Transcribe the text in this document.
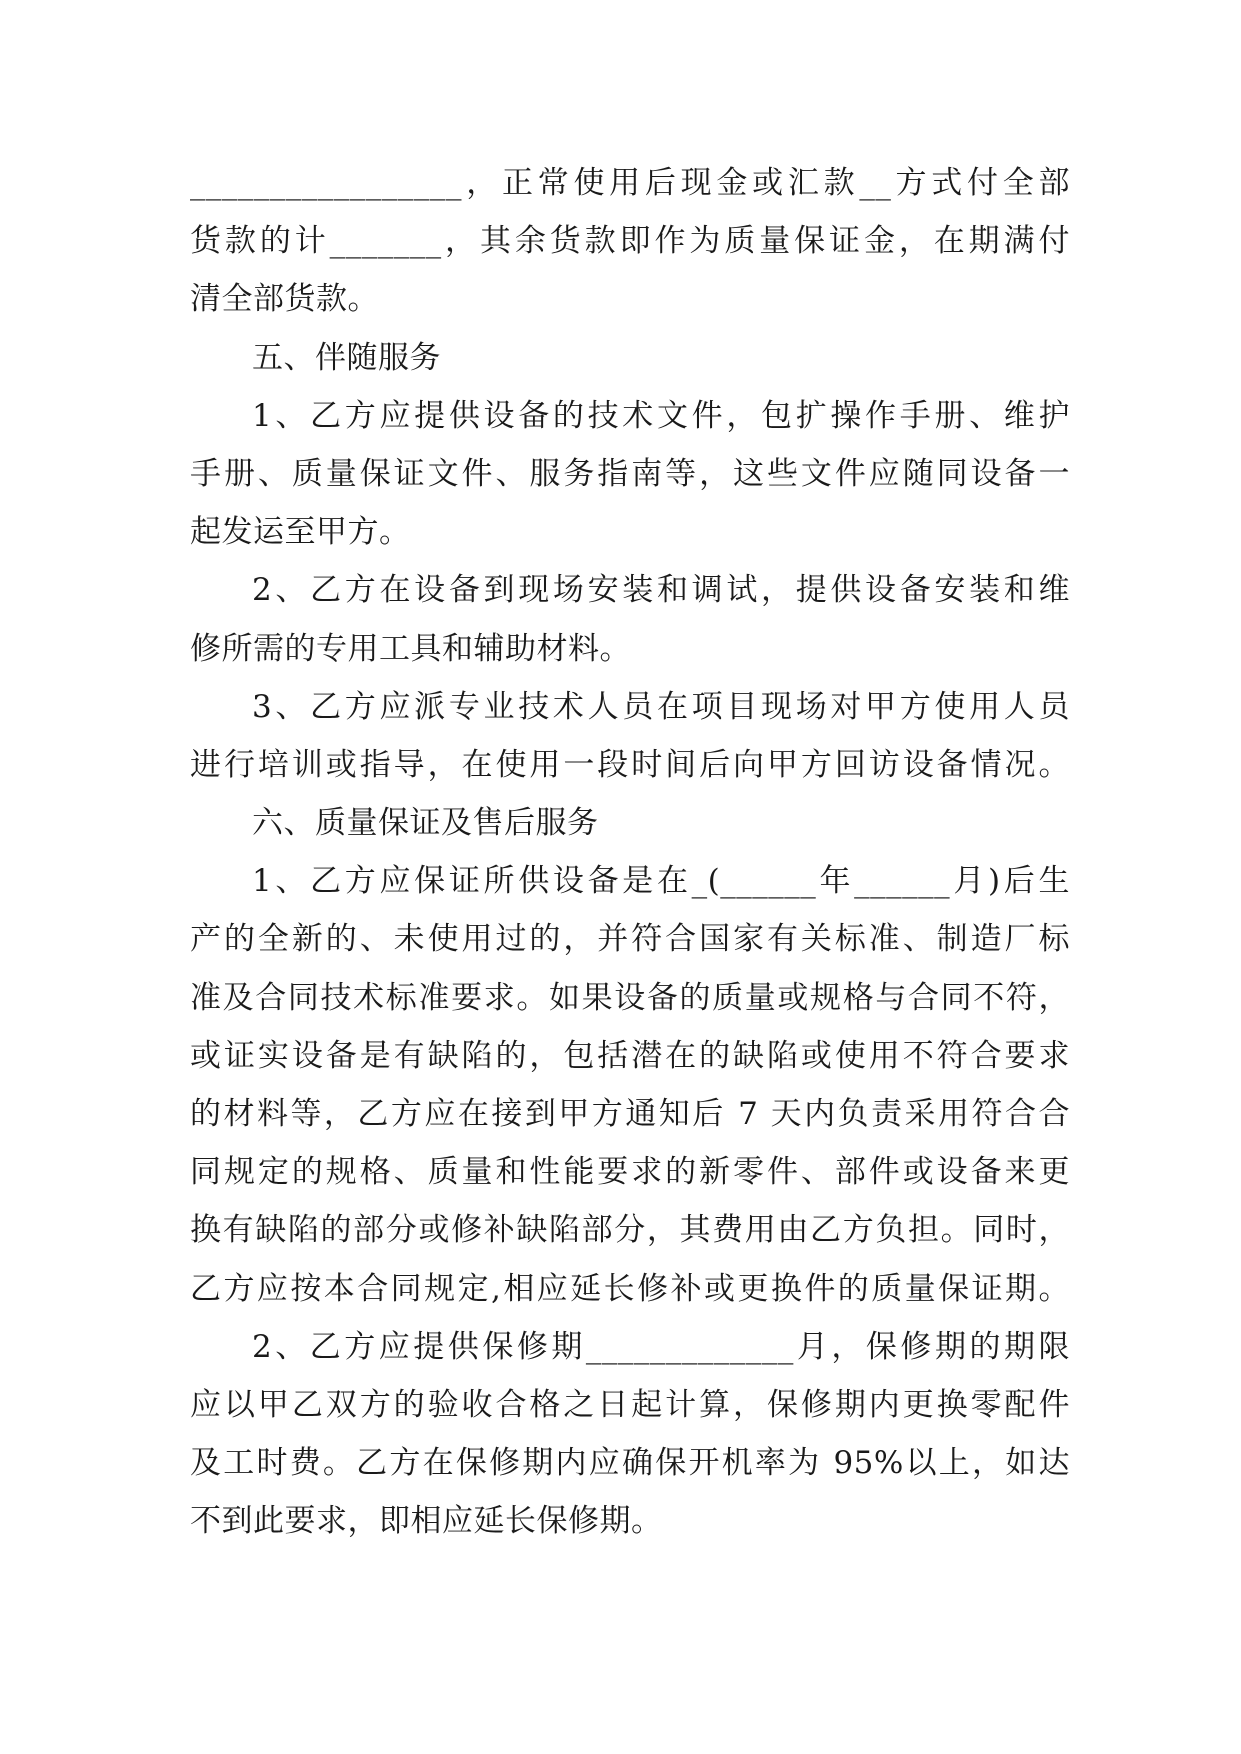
_________________，正常使用后现金或汇款__方式付全部
货款的计_______，其余货款即作为质量保证金，在期满付
清全部货款。
五、伴随服务
1、乙方应提供设备的技术文件，包扩操作手册、维护
手册、质量保证文件、服务指南等，这些文件应随同设备一
起发运至甲方。
2、乙方在设备到现场安装和调试，提供设备安装和维
修所需的专用工具和辅助材料。
3、乙方应派专业技术人员在项目现场对甲方使用人员
进行培训或指导，在使用一段时间后向甲方回访设备情况。
六、质量保证及售后服务
1、乙方应保证所供设备是在_(______年______月)后生
产的全新的、未使用过的，并符合国家有关标准、制造厂标
准及合同技术标准要求。如果设备的质量或规格与合同不符，
或证实设备是有缺陷的，包括潜在的缺陷或使用不符合要求
的材料等，乙方应在接到甲方通知后 7 天内负责采用符合合
同规定的规格、质量和性能要求的新零件、部件或设备来更
换有缺陷的部分或修补缺陷部分，其费用由乙方负担。同时，
乙方应按本合同规定,相应延长修补或更换件的质量保证期。
2、乙方应提供保修期_____________月，保修期的期限
应以甲乙双方的验收合格之日起计算，保修期内更换零配件
及工时费。乙方在保修期内应确保开机率为 95%以上，如达
不到此要求，即相应延长保修期。
